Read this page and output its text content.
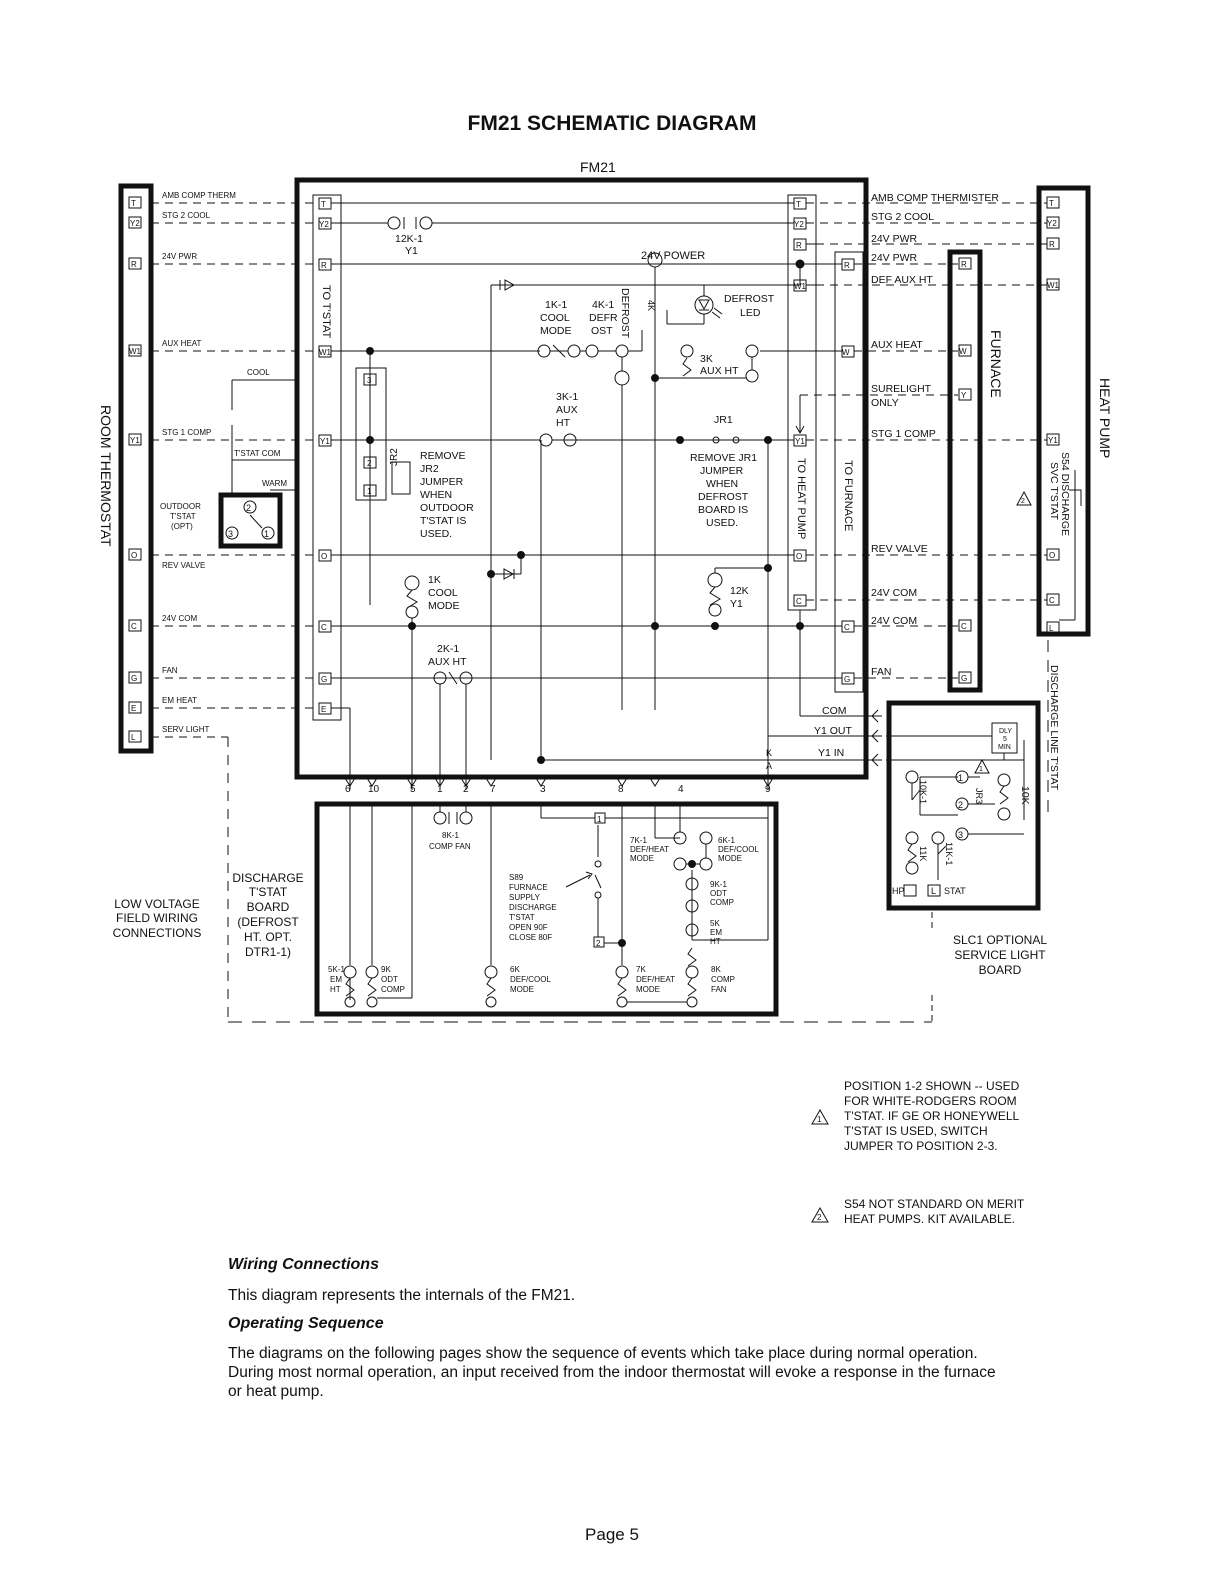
FM21 SCHEMATIC DIAGRAM
AMB COMP THERM
STG 2 COOL
24V PWR
AUX HEAT
STG 1 COMP
REV VALVE
24V COM
FAN
EM HEAT
SERV LIGHT
COOL
T'STAT COM
WARM
OUTDOOR
T'STAT
(OPT)
T
Y2
R
W1
Y1
O
C
G
E
L
ROOM THERMOSTAT	2
3	1
FM21
T
Y2
R
W1
Y1
O
C
G
E
TO T'STAT
T
Y2
R
W1
Y1
O
C
R
W
C
G
TO HEAT PUMP	TO FURNACE
24V POWER
12K-1
Y1
1K-1
COOL
MODE
4K-1
DEFR
OST DEFROST 4K
DEFROST
LED
3K
AUX HT
3
2
1
JR2 REMOVE
JR2
JUMPER
WHEN
OUTDOOR
T'STAT IS
USED.
3K-1
AUX
HT	JR1
REMOVE JR1
JUMPER
WHEN
DEFROST
BOARD IS
USED.
1K
COOL
MODE
12K
Y1
2K-1
AUX HT
COM
Y1 OUT
Y1 IN
K
A
6 10	5 1 2 7	3	8	4	9
AMB COMP THERMISTER
STG 2 COOL
24V PWR
24V PWR
DEF AUX HT
AUX HEAT
SURELIGHT
ONLY
STG 1 COMP
REV VALVE
24V COM
24V COM
FAN
R
W
Y
C
G
FURNACE
T
Y2
R
W1
Y1
O
C
L
HEAT PUMP
S54 DISCHARGE
SVC T'STAT
2
DISCHARGE LINE T'STAT
DLY
5
MIN
1
2
3
JR3	10K
10K-1
11K 11K-1
HP	L STAT
1
SLC1 OPTIONAL
SERVICE LIGHT
BOARD
DISCHARGE
T'STAT
BOARD
(DEFROST
HT. OPT.
DTR1-1)
LOW VOLTAGE
FIELD WIRING
CONNECTIONS
1
2
8K-1
COMP FAN
7K-1
DEF/HEAT
MODE
6K-1
DEF/COOL
MODE
9K-1
ODT
COMP
5K
EM
HT
S89
FURNACE
SUPPLY
DISCHARGE
T'STAT
OPEN 90F
CLOSE 80F
5K-1
EM
HT
9K
ODT
COMP
6K
DEF/COOL
MODE
7K
DEF/HEAT
MODE
8K
COMP
FAN
1
POSITION 1-2 SHOWN -- USED
FOR WHITE-RODGERS ROOM
T'STAT. IF GE OR HONEYWELL
T'STAT IS USED, SWITCH
JUMPER TO POSITION 2-3.
2
S54 NOT STANDARD ON MERIT
HEAT PUMPS. KIT AVAILABLE.
Wiring Connections
This diagram represents the internals of the FM21.
Operating Sequence
The diagrams on the following pages show the sequence of events which take place during normal operation. During most normal operation, an input received from the indoor thermostat will evoke a response in the furnace or heat pump.
Page 5
